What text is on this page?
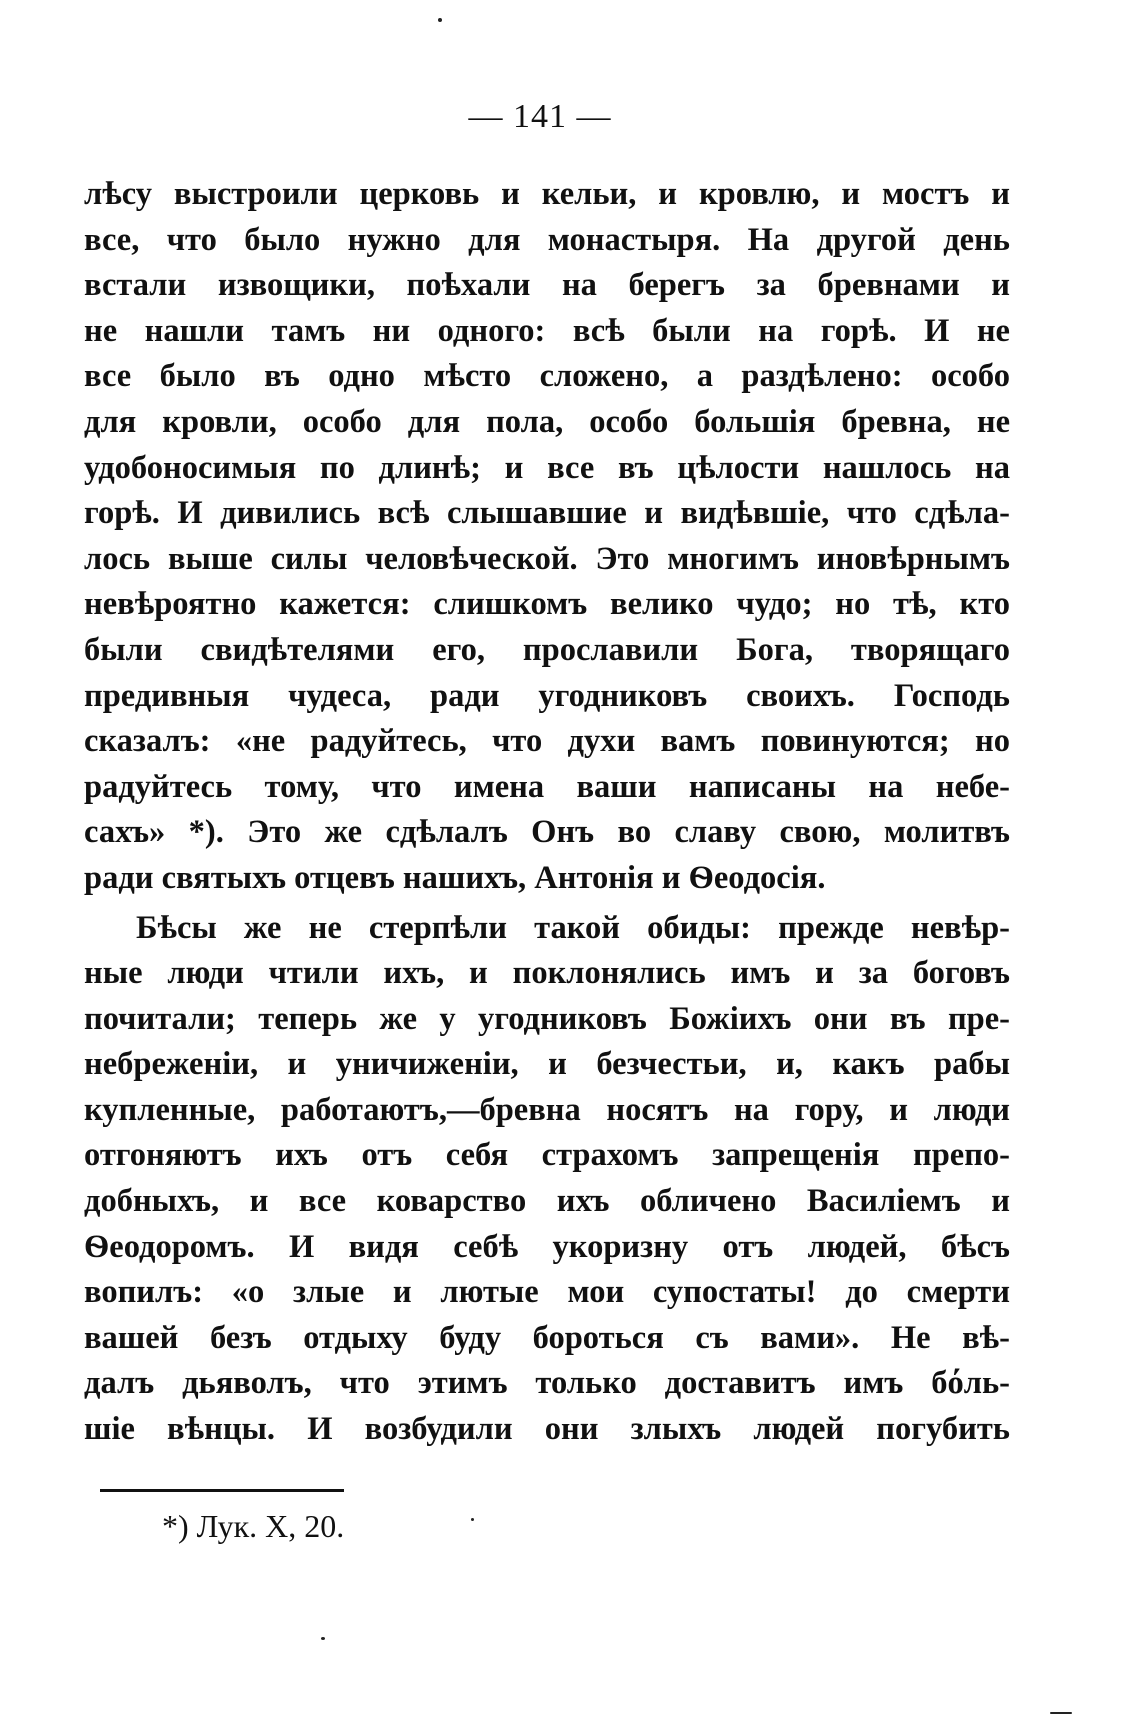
— 141 —
лѣсу выстроили церковь и кельи, и кровлю, и мостъ и
все, что было нужно для монастыря. На другой день
встали извощики, поѣхали на берегъ за бревнами и
не нашли тамъ ни одного: всѣ были на горѣ. И не
все было въ одно мѣсто сложено, а раздѣлено: особо
для кровли, особо для пола, особо большія бревна, не
удобоносимыя по длинѣ; и все въ цѣлости нашлось на
горѣ. И дивились всѣ слышавшие и видѣвшіе, что сдѣла-
лось выше силы человѣческой. Это многимъ иновѣрнымъ
невѣроятно кажется: слишкомъ велико чудо; но тѣ, кто
были свидѣтелями его, прославили Бога, творящаго
предивныя чудеса, ради угодниковъ своихъ. Господь
сказалъ: «не радуйтесь, что духи вамъ повинуются; но
радуйтесь тому, что имена ваши написаны на небе-
сахъ» *). Это же сдѣлалъ Онъ во славу свою, молитвъ
ради святыхъ отцевъ нашихъ, Антонія и Ѳеодосія.
Бѣсы же не стерпѣли такой обиды: прежде невѣр-
ные люди чтили ихъ, и поклонялись имъ и за боговъ
почитали; теперь же у угодниковъ Божіихъ они въ пре-
небреженіи, и уничиженіи, и безчестьи, и, какъ рабы
купленные, работаютъ,—бревна носятъ на гору, и люди
отгоняютъ ихъ отъ себя страхомъ запрещенія препо-
добныхъ, и все коварство ихъ обличено Василіемъ и
Ѳеодоромъ. И видя себѣ укоризну отъ людей, бѣсъ
вопилъ: «о злые и лютые мои супостаты! до смерти
вашей безъ отдыху буду бороться съ вами». Не вѣ-
далъ дьяволъ, что этимъ только доставитъ имъ бόль-
шіе вѣнцы. И возбудили они злыхъ людей погубить
*) Лук. X, 20.
